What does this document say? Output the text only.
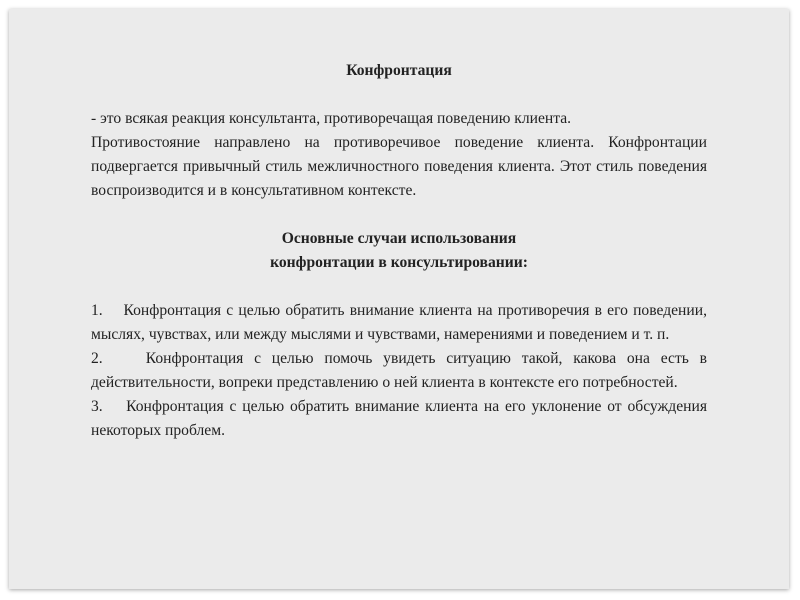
Конфронтация

- это всякая реакция консультанта, противоречащая поведению клиента.

Противостояние направлено на противоречивое поведение клиента. Конфронтации подвергается привычный стиль межличностного поведения клиента. Этот стиль поведения воспроизводится и в консультативном контексте.

Основные случаи использования

конфронтации в консультировании:

1.    Конфронтация с целью обратить внимание клиента на противоречия в его поведении, мыслях, чувствах, или между мыслями и чувствами, намерениями и поведением и т. п.

2.    Конфронтация с целью помочь увидеть ситуацию такой, какова она есть в действительности, вопреки представлению о ней клиента в контексте его потребностей.

3.    Конфронтация с целью обратить внимание клиента на его уклонение от обсуждения некоторых проблем.
